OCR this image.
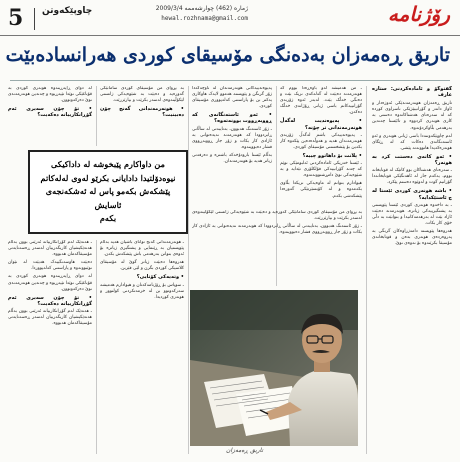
5 چاوپێکەوتن	ژمارە (462) چوارشەممە 2009/3/4
hewal.rozhnama@gmail.com	رۆژنامە
تاریق ڕەمەزان بەدەنگی مۆسیقای کوردی هەرانسادەبێت
گفتوگۆ و ئامادەکردنی: ستارە عارف

تاریق ڕەمەزان هونەرمەندێکی ئەوزەدار و ئاواز دانەر و گۆرانیبێژێکی ناسراوی کوردە کە لە سەرەتای هەشتاکانەوە دەستی بە کاری هونەری کردووە و تائێستا چەندین بەرهەمی بڵاوکردۆتەوە.

لەم چاوپێکەوتنەدا باسی ژیانی هونەری و ئەو ئاستەنگانەی دەکات کە لە ڕێگای هونەرەکەیدا هاتوونەتە پێشی.

• ئەو کاتەی دەستت کرد بە هونەر؟

ـ سەرەتای هەشتاکان بوو کاتێک لە قوتابخانە بووم، یەکەم جار لە ئاهەنگێکی قوتابخانەدا گۆرانیم گوت و لەوێوە دەستم پێکرد.

• باشە هونەری کوردی ئێستا لە چ ئاستێکدایە؟

ـ بە داخەوە هونەری کوردی ئێستا پێویستی بە پشتگیرییەکی زیاترە، هونەرمەند دەبێت ئازاد بێت لە بەرهەمەکانیدا و بتوانێت بە دڵی خۆی کار بکات.

هەروەها پێویستە دامەزراوەکان گرنگی بە پەروەردەی هونەری بدەن و قوتابخانەی مۆسیقا بکرێنەوە بۆ نەوەی نوێ.

ـ من هەمیشە لەو باوەڕەدا بووم کە هونەرمەند دەبێت لە گەلەکەی نزیک بێت و دەنگی خەڵک بێت. لەبەر ئەوە زۆربەی گۆرانییەکانم باسی ژیانی ڕۆژانەی خەڵک دەکەن.

• پەیوەندیت لەگەڵ هونەرمەندانی تر چۆنە؟

ـ پەیوەندییەکی باشم لەگەڵ زۆربەی هونەرمەندان هەیە و هەوڵدەدەین پێکەوە کار بکەین بۆ پێشخستنی مۆسیقای کوردی.

• پلانت بۆ داهاتوو چییە؟

ـ ئێستا خەریکی ئامادەکردنی ئەلبومێکی نوێم کە چەند گۆرانییەکی فۆلکلۆری تێدایە و بە شێوەیەکی نوێ دامڕشتوونەتەوە.

هیوادارم بتوانم لە ماوەیەکی نزیکدا بڵاوی بکەمەوە و لە کۆنسێرتێکی گەورەدا پێشکەشی بکەم.

پەیوەندییەکانی هونەرمەندان لە ناوچەکەدا زۆر گرنگن و پێویستە هەموو لایەک هاوکاری یەکتر بن بۆ پاراستنی کەلەپووری مۆسیقای کوردی.

• ئەو ئاستەنگانەی کە ڕووبەڕووت بوونەتەوە؟

ـ زۆر ئاستەنگ هەبوون، بەتایبەتی لە ساڵانی ڕابردوودا کە هونەرمەند نەیدەتوانی بە ئازادی کار بکات و زۆر جار ڕووبەڕووی فشار دەبووینەوە.

بەڵام ئێستا بارودۆخەکە باشترە و دەرفەتی زیاتر هەیە بۆ هونەرمەندان.

بە بڕوای من مۆسیقای کوردی سامانێکی گەورەیە و دەبێت بە شێوەیەکی زانستی لێکۆڵینەوەی لەسەر بکرێت و بپارێزرێت.

• هونەرمەندانی گەنج چۆن دەبینیت؟

ـ هونەرمەندانی گەنج توانای باشیان هەیە بەڵام پێویستیان بە ڕێنمایی و پشتگیری زیاترە بۆ ئەوەی بتوانن بەرهەمی باش پێشکەش بکەن.

هەروەها دەبێت زیاتر گوێ لە مۆسیقای کلاسیکی کوردی بگرن و لێی فێربن.

• وتەیەکی کۆتایی؟

ـ سوپاس بۆ ڕۆژنامەکەتان و هیوادارم هەمیشە سەرکەوتوو بن لە خزمەتکردنی کولتوور و هونەری کوردیدا.

لە دوای ڕاپەڕینەوە هونەری کوردی بە قۆناغێکی نوێدا تێپەڕیوە و چەندین هونەرمەندی نوێ دەرکەوتوون.

• تۆ چۆن سەیری ئەم گۆڕانکارییانە دەکەیت؟

ـ هەندێک لەم گۆڕانکارییانە ئەرێنی بوون بەڵام هەندێکیشیان کاریگەرییان لەسەر ڕەسەنایەتی مۆسیقاکەمان هەبووە.

دەبێت هاوسەنگییەک هەبێت لە نێوان نوێبوونەوە و پاراستنی کەلەپووردا.

لە دوای ڕاپەڕینەوە هونەری کوردی بە قۆناغێکی نوێدا تێپەڕیوە و چەندین هونەرمەندی نوێ دەرکەوتوون.

• تۆ چۆن سەیری ئەم گۆڕانکارییانە دەکەیت؟

ـ هەندێک لەم گۆڕانکارییانە ئەرێنی بوون بەڵام هەندێکیشیان کاریگەرییان لەسەر ڕەسەنایەتی مۆسیقاکەمان هەبووە.

بە بڕوای من مۆسیقای کوردی سامانێکی گەورەیە و دەبێت بە شێوەیەکی زانستی لێکۆڵینەوەی لەسەر بکرێت و بپارێزرێت.

ـ زۆر ئاستەنگ هەبوون، بەتایبەتی لە ساڵانی ڕابردوودا کە هونەرمەند نەیدەتوانی بە ئازادی کار بکات و زۆر جار ڕووبەڕووی فشار دەبووینەوە.

من داواکارم پێبخوشە لە داداکیکی
نیوەدۆلتیدا دادایانی بکرێو لەوی لەلەکاتم
پێشکەش بکەمو پاس لە ئەشکەنجەی ئاسایش
بکەم
تاریق ڕەمەزان
